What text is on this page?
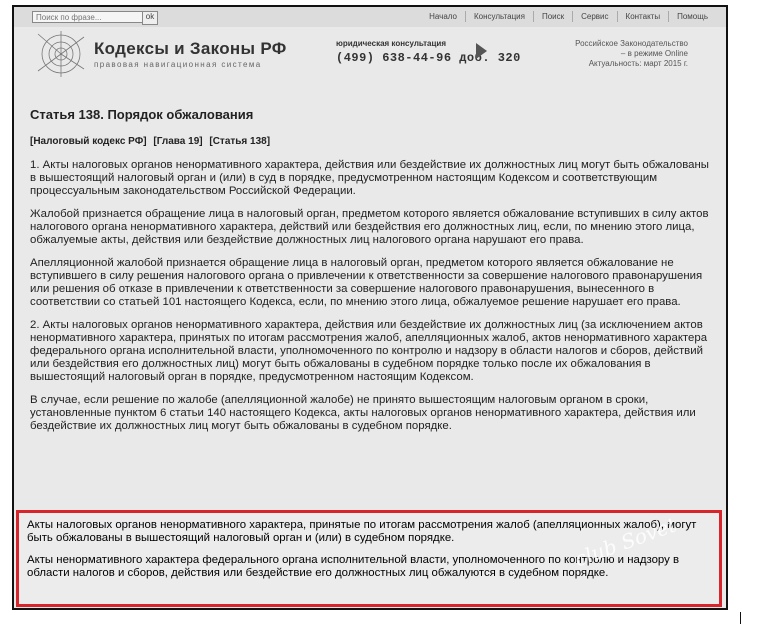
Поиск по фразе...
ok	Начало	Консультация	Поиск	Сервис	Контакты	Помощь
Кодексы и Законы РФ
правовая навигационная система
юридическая консультация
(499) 638-44-96 доб. 320
Российское Законодательство
– в режиме Online
Актуальность: март 2015 г.
Статья 138. Порядок обжалования
[Налоговый кодекс РФ] [Глава 19] [Статья 138]

1. Акты налоговых органов ненормативного характера, действия или бездействие их должностных лиц могут быть обжалованы в вышестоящий налоговый орган и (или) в суд в порядке, предусмотренном настоящим Кодексом и соответствующим процессуальным законодательством Российской Федерации.

Жалобой признается обращение лица в налоговый орган, предметом которого является обжалование вступивших в силу актов налогового органа ненормативного характера, действий или бездействия его должностных лиц, если, по мнению этого лица, обжалуемые акты, действия или бездействие должностных лиц налогового органа нарушают его права.

Апелляционной жалобой признается обращение лица в налоговый орган, предметом которого является обжалование не вступившего в силу решения налогового органа о привлечении к ответственности за совершение налогового правонарушения или решения об отказе в привлечении к ответственности за совершение налогового правонарушения, вынесенного в соответствии со статьей 101 настоящего Кодекса, если, по мнению этого лица, обжалуемое решение нарушает его права.

2. Акты налоговых органов ненормативного характера, действия или бездействие их должностных лиц (за исключением актов ненормативного характера, принятых по итогам рассмотрения жалоб, апелляционных жалоб, актов ненормативного характера федерального органа исполнительной власти, уполномоченного по контролю и надзору в области налогов и сборов, действий или бездействия его должностных лиц) могут быть обжалованы в судебном порядке только после их обжалования в вышестоящий налоговый орган в порядке, предусмотренном настоящим Кодексом.

В случае, если решение по жалобе (апелляционной жалобе) не принято вышестоящим налоговым органом в сроки, установленные пунктом 6 статьи 140 настоящего Кодекса, акты налоговых органов ненормативного характера, действия или бездействие их должностных лиц могут быть обжалованы в судебном порядке.

Акты налоговых органов ненормативного характера, принятые по итогам рассмотрения жалоб (апелляционных жалоб), могут быть обжалованы в вышестоящий налоговый орган и (или) в судебном порядке.

Акты ненормативного характера федерального органа исполнительной власти, уполномоченного по контролю и надзору в области налогов и сборов, действия или бездействие его должностных лиц обжалуются в судебном порядке.

club Sovet
